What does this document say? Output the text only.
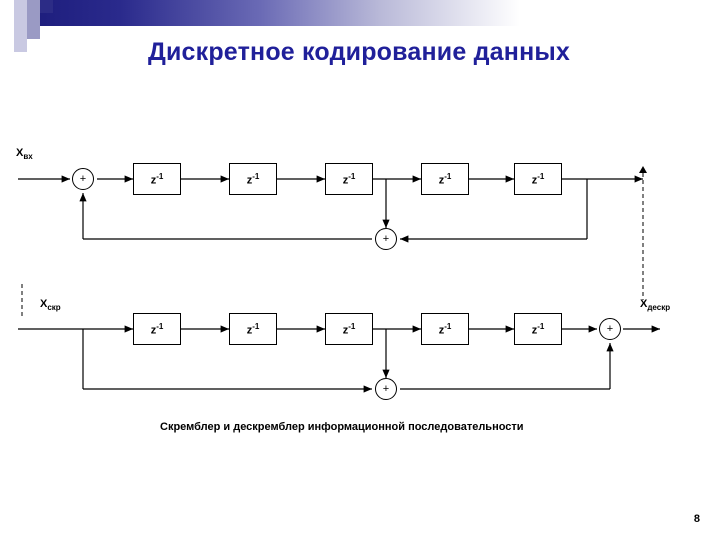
Дискретное кодирование данных
$X_{вх}$
+	$z^{-1}$	$z^{-1}$	$z^{-1}$	$z^{-1}$	$z^{-1}$
+
$X_{скр}$	$X_{дескр}$
$z^{-1}$	$z^{-1}$	$z^{-1}$	$z^{-1}$	$z^{-1}$	+
+
Скремблер и дескремблер информационной последовательности
8
